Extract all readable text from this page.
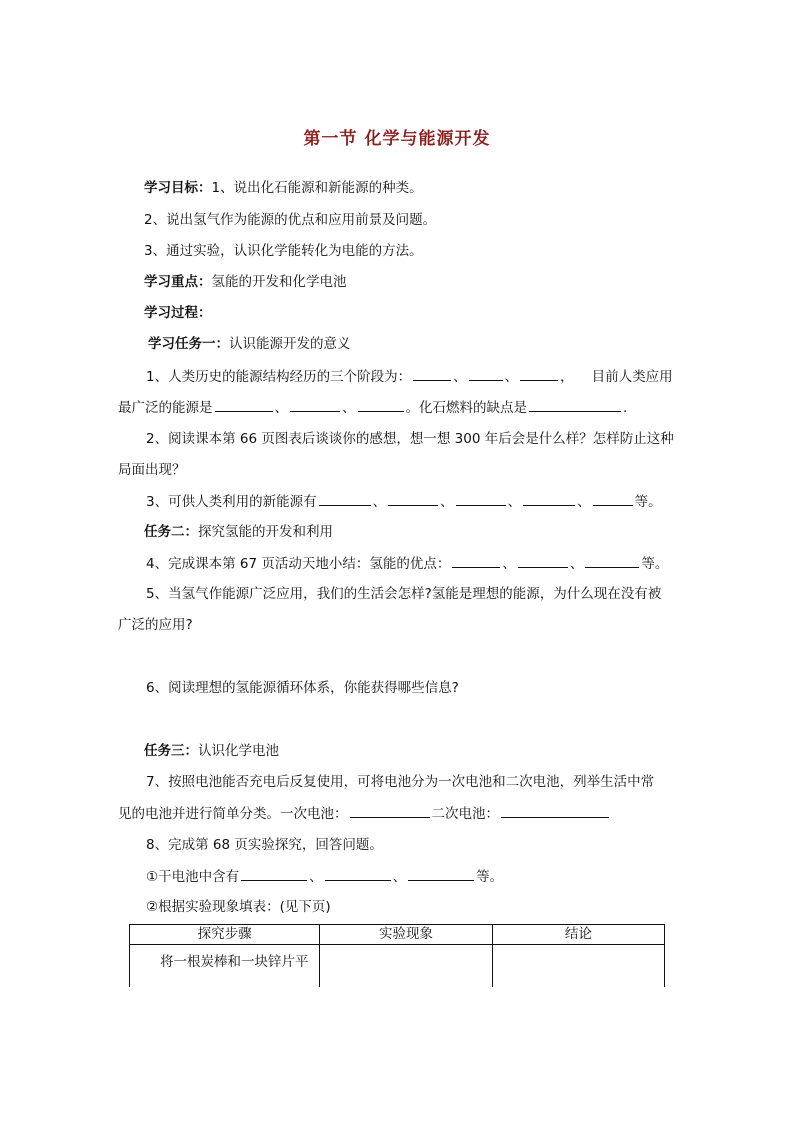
第一节 化学与能源开发
学习目标：1、说出化石能源和新能源的种类。
2、说出氢气作为能源的优点和应用前景及问题。
3、通过实验，认识化学能转化为电能的方法。
学习重点：氢能的开发和化学电池
学习过程：
学习任务一：认识能源开发的意义
1、人类历史的能源结构经历的三个阶段为：	、	、	， 目前人类应用
最广泛的能源是	、	、	。化石燃料的缺点是	.
2、阅读课本第 66 页图表后谈谈你的感想，想一想 300 年后会是什么样？怎样防止这种
局面出现？
3、可供人类利用的新能源有	、	、	、	、	等。
任务二：探究氢能的开发和利用
4、完成课本第 67 页活动天地小结：氢能的优点：	、	、	等。
5、当氢气作能源广泛应用，我们的生活会怎样?氢能是理想的能源，为什么现在没有被
广泛的应用?
6、阅读理想的氢能源循环体系，你能获得哪些信息?
任务三：认识化学电池
7、按照电池能否充电后反复使用，可将电池分为一次电池和二次电池，列举生活中常
见的电池并进行简单分类。一次电池：	二次电池：
8、完成第 68 页实验探究，回答问题。
①干电池中含有	、	、	等。
②根据实验现象填表：(见下页)
探究步骤	实验现象	结论
将一根炭棒和一块锌片平		
